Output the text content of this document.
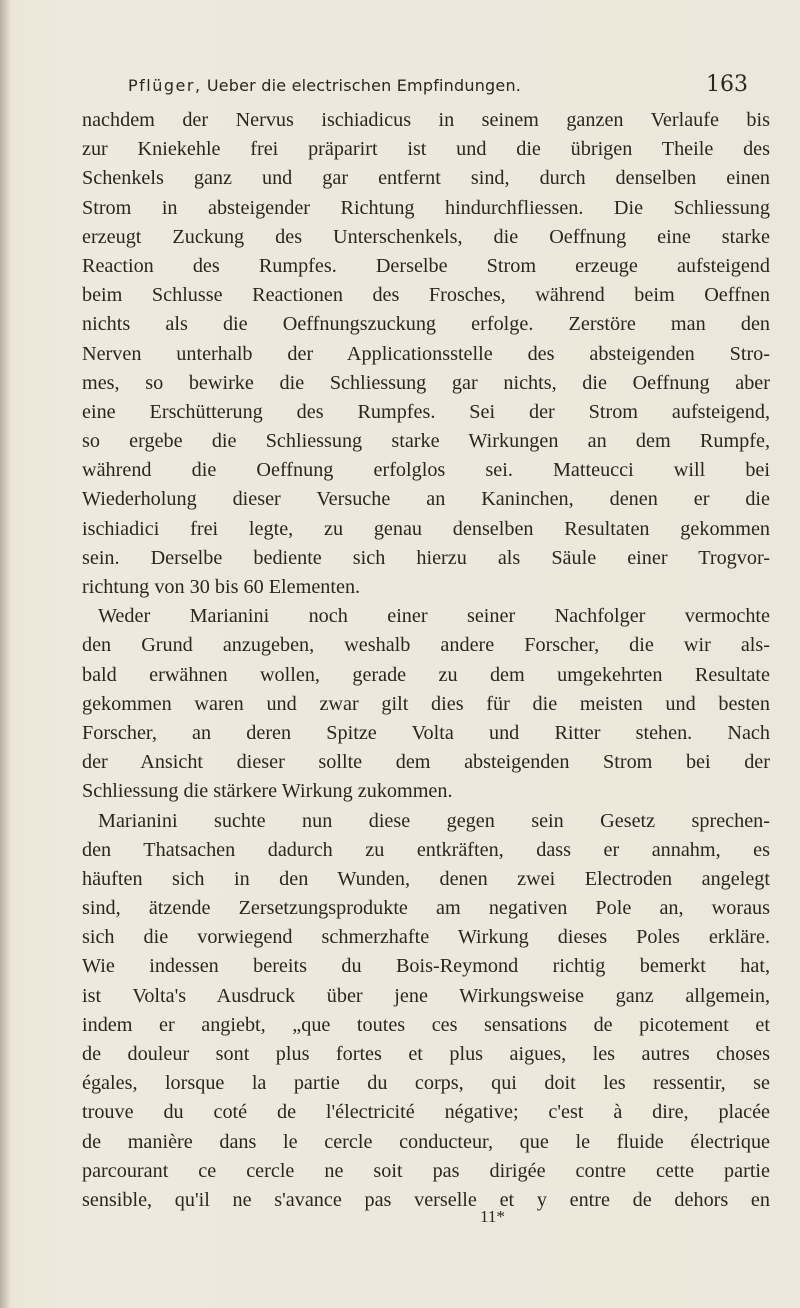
Pflüger, Ueber die electrischen Empfindungen.	163
nachdem der Nervus ischiadicus in seinem ganzen Verlaufe bis
zur Kniekehle frei präparirt ist und die übrigen Theile des
Schenkels ganz und gar entfernt sind, durch denselben einen
Strom in absteigender Richtung hindurchfliessen. Die Schliessung
erzeugt Zuckung des Unterschenkels, die Oeffnung eine starke
Reaction des Rumpfes. Derselbe Strom erzeuge aufsteigend
beim Schlusse Reactionen des Frosches, während beim Oeffnen
nichts als die Oeffnungszuckung erfolge. Zerstöre man den
Nerven unterhalb der Applicationsstelle des absteigenden Stro-
mes, so bewirke die Schliessung gar nichts, die Oeffnung aber
eine Erschütterung des Rumpfes. Sei der Strom aufsteigend,
so ergebe die Schliessung starke Wirkungen an dem Rumpfe,
während die Oeffnung erfolglos sei. Matteucci will bei
Wiederholung dieser Versuche an Kaninchen, denen er die
ischiadici frei legte, zu genau denselben Resultaten gekommen
sein. Derselbe bediente sich hierzu als Säule einer Trogvor-
richtung von 30 bis 60 Elementen.
Weder Marianini noch einer seiner Nachfolger vermochte
den Grund anzugeben, weshalb andere Forscher, die wir als-
bald erwähnen wollen, gerade zu dem umgekehrten Resultate
gekommen waren und zwar gilt dies für die meisten und besten
Forscher, an deren Spitze Volta und Ritter stehen. Nach
der Ansicht dieser sollte dem absteigenden Strom bei der
Schliessung die stärkere Wirkung zukommen.
Marianini suchte nun diese gegen sein Gesetz sprechen-
den Thatsachen dadurch zu entkräften, dass er annahm, es
häuften sich in den Wunden, denen zwei Electroden angelegt
sind, ätzende Zersetzungsprodukte am negativen Pole an, woraus
sich die vorwiegend schmerzhafte Wirkung dieses Poles erkläre.
Wie indessen bereits du Bois-Reymond richtig bemerkt hat,
ist Volta's Ausdruck über jene Wirkungsweise ganz allgemein,
indem er angiebt, „que toutes ces sensations de picotement et
de douleur sont plus fortes et plus aigues, les autres choses
égales, lorsque la partie du corps, qui doit les ressentir, se
trouve du coté de l'électricité négative; c'est à dire, placée
de manière dans le cercle conducteur, que le fluide électrique
parcourant ce cercle ne soit pas dirigée contre cette partie
sensible, qu'il ne s'avance pas verselle et y entre de dehors en
11*
